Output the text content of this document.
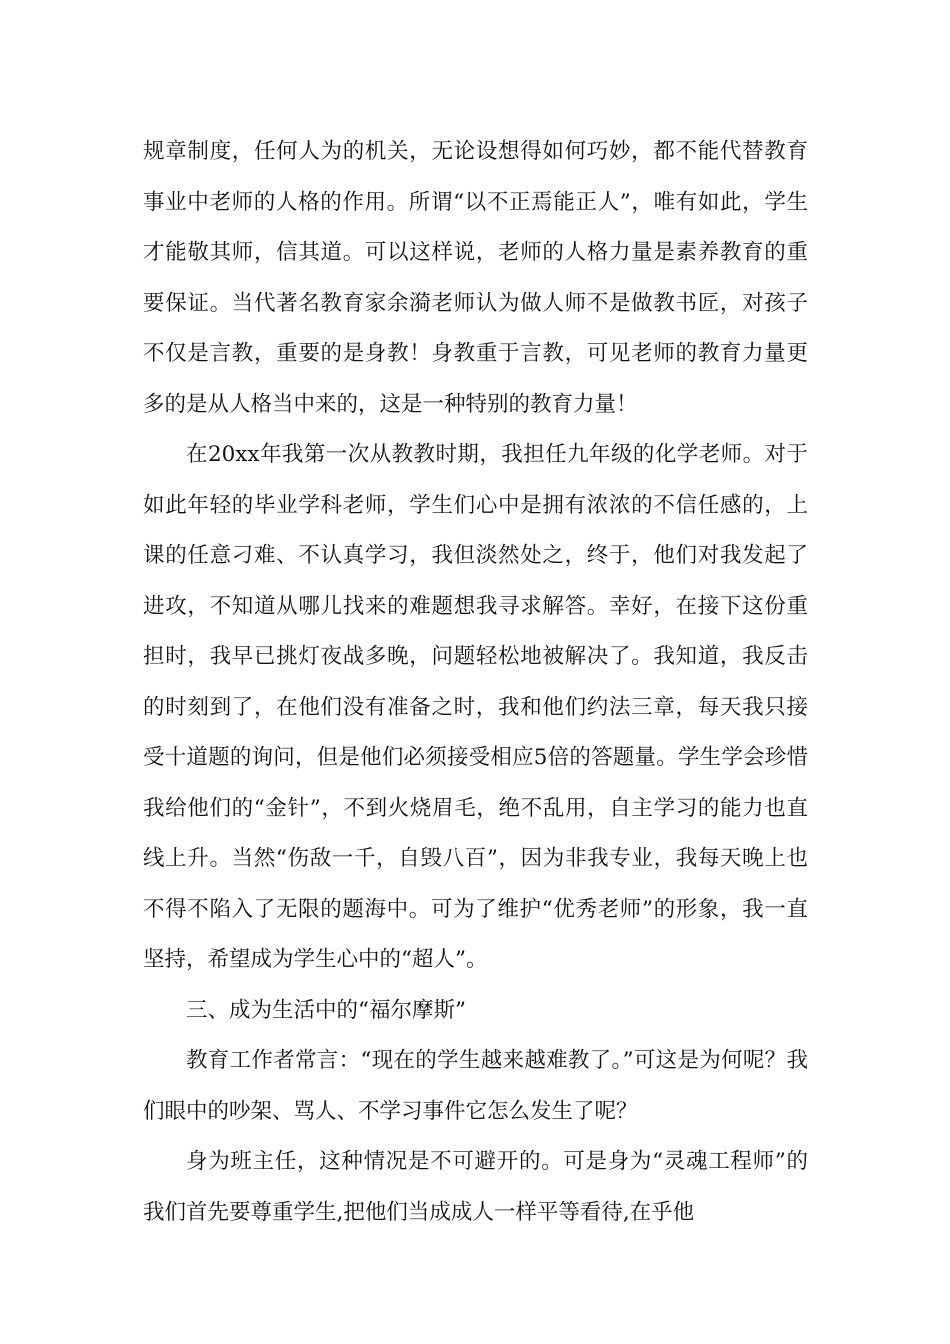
规章制度，任何人为的机关，无论设想得如何巧妙，都不能代替教育事业中老师的人格的作用。所谓“以不正焉能正人”，唯有如此，学生才能敬其师，信其道。可以这样说，老师的人格力量是素养教育的重要保证。当代著名教育家余漪老师认为做人师不是做教书匠，对孩子不仅是言教，重要的是身教！身教重于言教，可见老师的教育力量更多的是从人格当中来的，这是一种特别的教育力量！

在20xx年我第一次从教教时期，我担任九年级的化学老师。对于如此年轻的毕业学科老师，学生们心中是拥有浓浓的不信任感的，上课的任意刁难、不认真学习，我但淡然处之，终于，他们对我发起了进攻，不知道从哪儿找来的难题想我寻求解答。幸好，在接下这份重担时，我早已挑灯夜战多晚，问题轻松地被解决了。我知道，我反击的时刻到了，在他们没有准备之时，我和他们约法三章，每天我只接受十道题的询问，但是他们必须接受相应5倍的答题量。学生学会珍惜我给他们的“金针”，不到火烧眉毛，绝不乱用，自主学习的能力也直线上升。当然“伤敌一千，自毁八百”，因为非我专业，我每天晚上也不得不陷入了无限的题海中。可为了维护“优秀老师”的形象，我一直坚持，希望成为学生心中的“超人”。

三、成为生活中的“福尔摩斯”

教育工作者常言：“现在的学生越来越难教了。”可这是为何呢？我们眼中的吵架、骂人、不学习事件它怎么发生了呢？

身为班主任，这种情况是不可避开的。可是身为“灵魂工程师”的我们首先要尊重学生,把他们当成成人一样平等看待,在乎他
